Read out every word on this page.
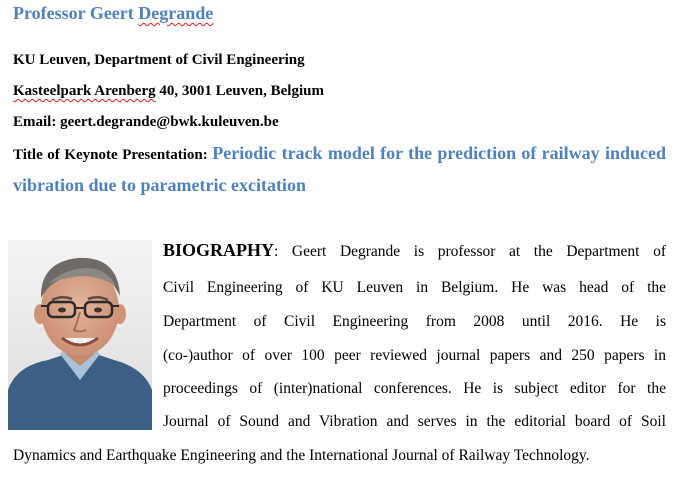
Professor Geert Degrande
KU Leuven, Department of Civil Engineering
Kasteelpark Arenberg 40, 3001 Leuven, Belgium
Email: geert.degrande@bwk.kuleuven.be
Title of Keynote Presentation: Periodic track model for the prediction of railway induced vibration due to parametric excitation
BIOGRAPHY: Geert Degrande is professor at the Department of
Civil Engineering of KU Leuven in Belgium. He was head of the
Department of Civil Engineering from 2008 until 2016. He is
(co-)author of over 100 peer reviewed journal papers and 250 papers in
proceedings of (inter)national conferences. He is subject editor for the
Journal of Sound and Vibration and serves in the editorial board of Soil
Dynamics and Earthquake Engineering and the International Journal of Railway Technology.
